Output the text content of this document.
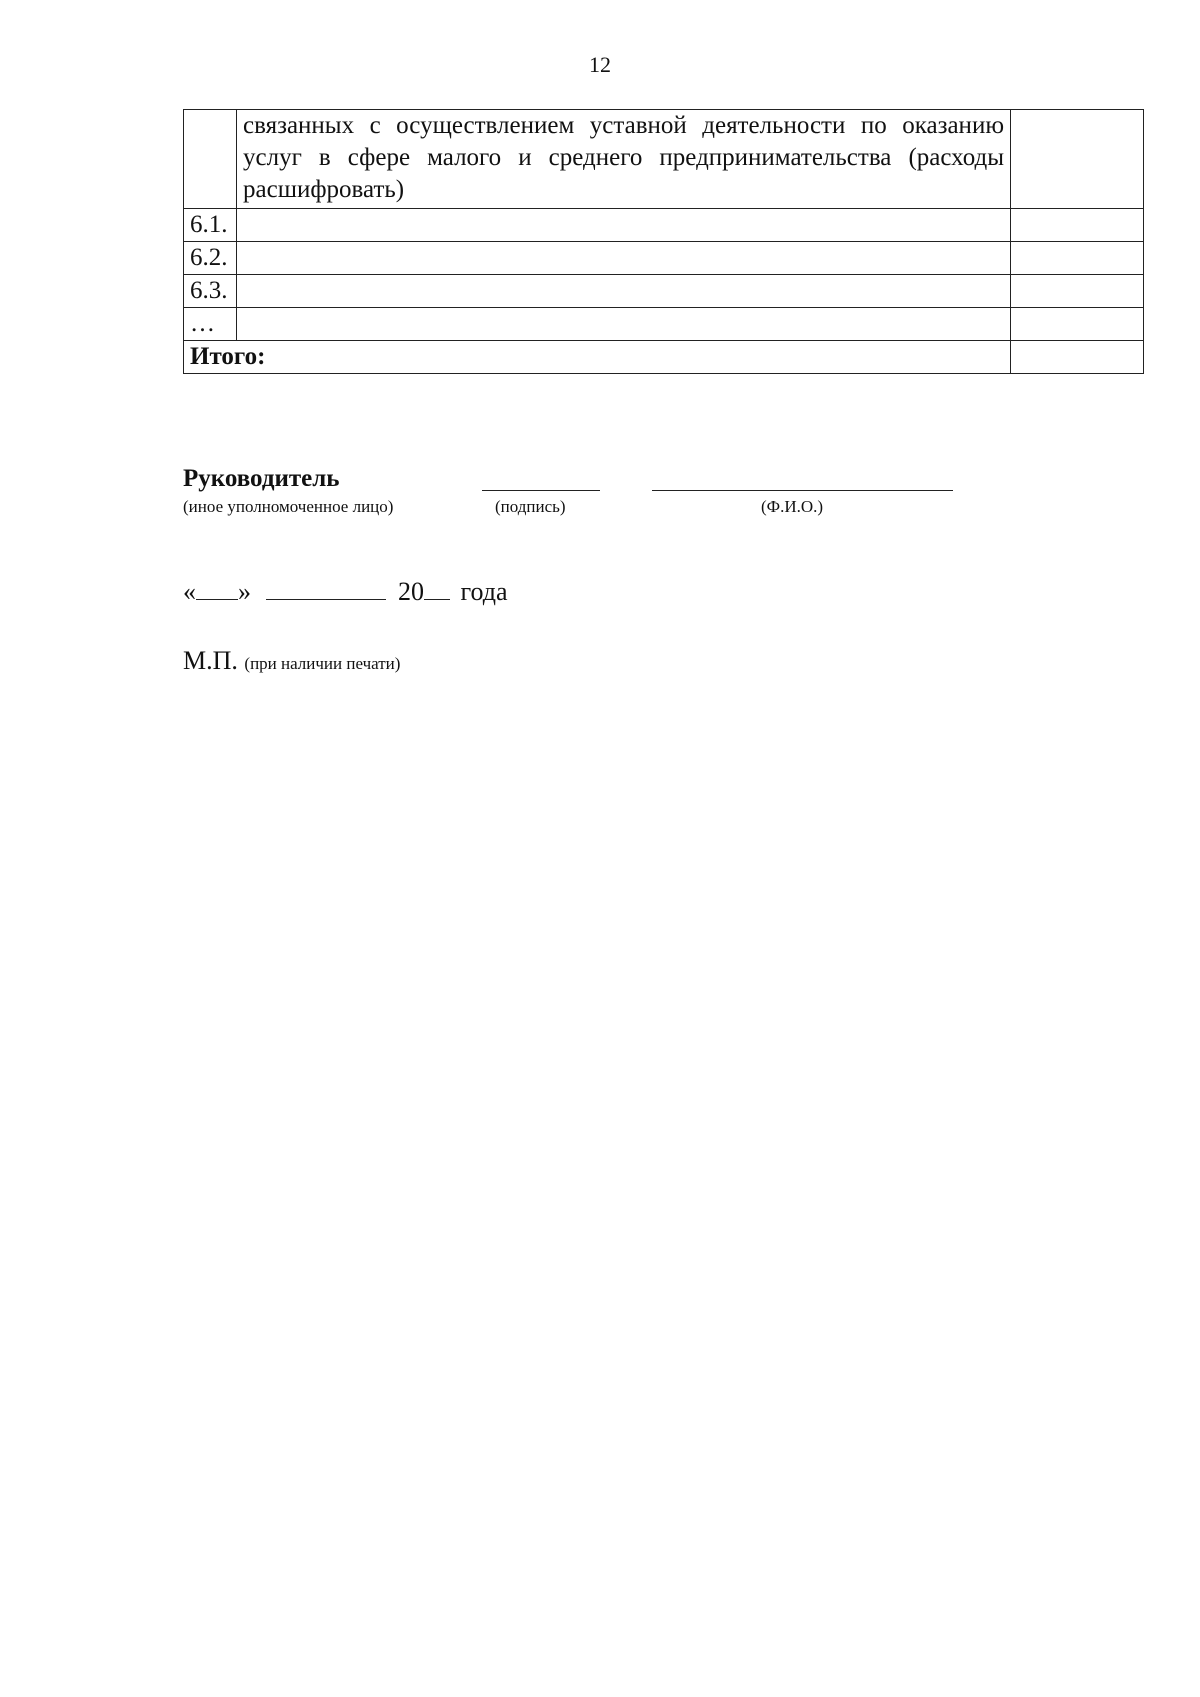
12
	связанных с осуществлением уставной деятельности по оказанию услуг в сфере малого и среднего предпринимательства (расходы расшифровать)	
6.1.		
6.2.		
6.3.		
…		
Итого:		
Руководитель
(иное уполномоченное лицо)	(подпись)	(Ф.И.О.)
« »	20 года
М.П. (при наличии печати)
